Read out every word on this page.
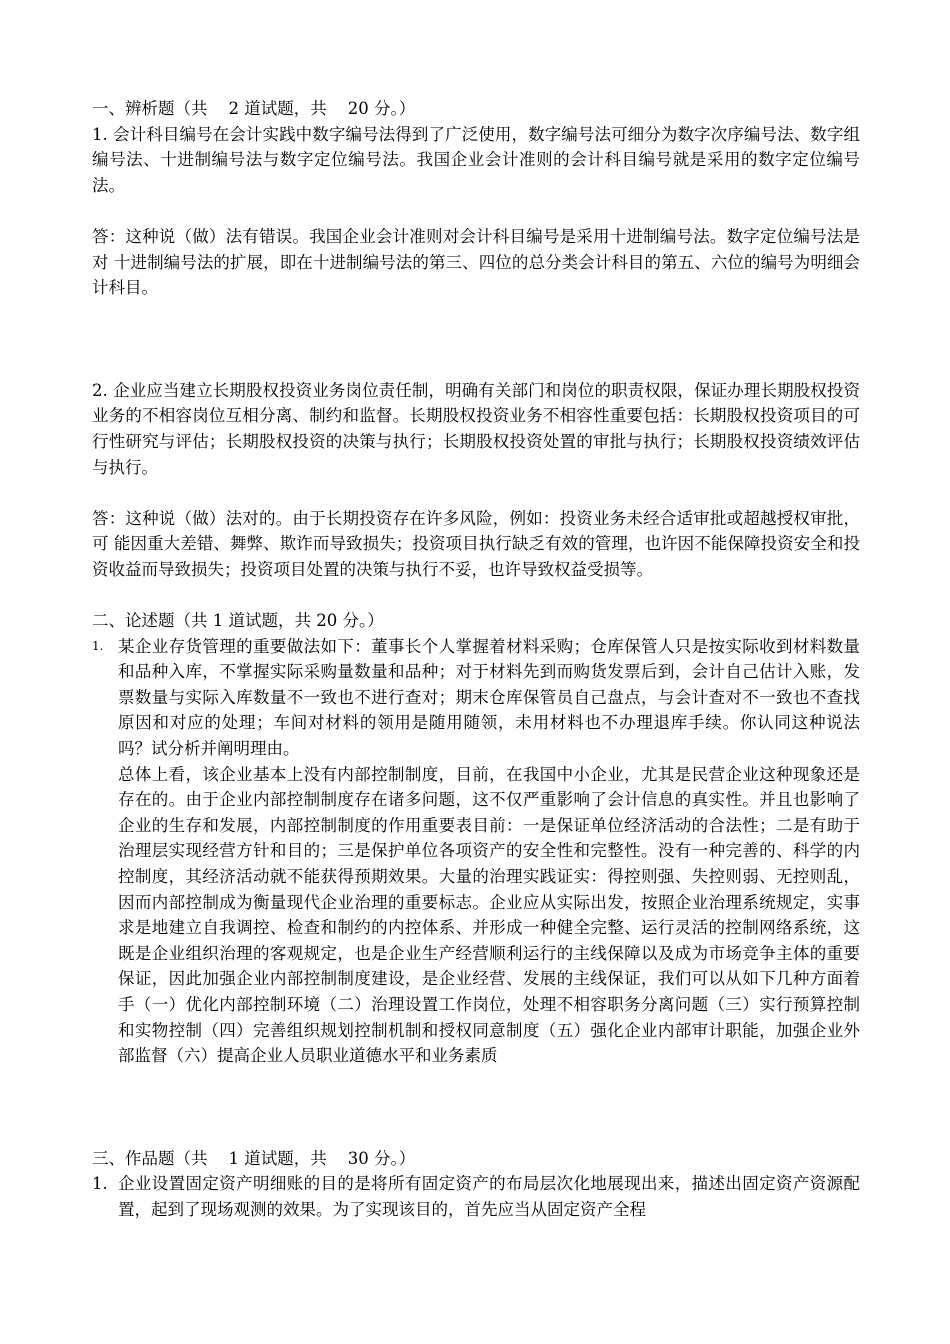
一、辨析题（共    2 道试题，共    20 分。）

1. 会计科目编号在会计实践中数字编号法得到了广泛使用，数字编号法可细分为数字次序编号法、数字组编号法、十进制编号法与数字定位编号法。我国企业会计准则的会计科目编号就是采用的数字定位编号法。

答：这种说（做）法有错误。我国企业会计准则对会计科目编号是采用十进制编号法。数字定位编号法是对 十进制编号法的扩展，即在十进制编号法的第三、四位的总分类会计科目的第五、六位的编号为明细会 计科目。

2. 企业应当建立长期股权投资业务岗位责任制，明确有关部门和岗位的职责权限，保证办理长期股权投资业务的不相容岗位互相分离、制约和监督。长期股权投资业务不相容性重要包括：长期股权投资项目的可行性研究与评估；长期股权投资的决策与执行；长期股权投资处置的审批与执行；长期股权投资绩效评估与执行。

答：这种说（做）法对的。由于长期投资存在许多风险，例如：投资业务未经合适审批或超越授权审批，可 能因重大差错、舞弊、欺诈而导致损失；投资项目执行缺乏有效的管理，也许因不能保障投资安全和投 资收益而导致损失；投资项目处置的决策与执行不妥，也许导致权益受损等。

二、论述题（共 1 道试题，共 20 分。）

1. 某企业存货管理的重要做法如下：董事长个人掌握着材料采购；仓库保管人只是按实际收到材料数量和品种入库，不掌握实际采购量数量和品种；对于材料先到而购货发票后到，会计自己估计入账，发票数量与实际入库数量不一致也不进行查对；期末仓库保管员自己盘点，与会计查对不一致也不查找原因和对应的处理；车间对材料的领用是随用随领，未用材料也不办理退库手续。你认同这种说法吗？试分析并阐明理由。

总体上看，该企业基本上没有内部控制制度，目前，在我国中小企业，尤其是民营企业这种现象还是存在的。由于企业内部控制制度存在诸多问题，这不仅严重影响了会计信息的真实性。并且也影响了企业的生存和发展，内部控制制度的作用重要表目前：一是保证单位经济活动的合法性；二是有助于治理层实现经营方针和目的；三是保护单位各项资产的安全性和完整性。没有一种完善的、科学的内控制度，其经济活动就不能获得预期效果。大量的治理实践证实：得控则强、失控则弱、无控则乱，因而内部控制成为衡量现代企业治理的重要标志。企业应从实际出发，按照企业治理系统规定，实事求是地建立自我调控、检查和制约的内控体系、并形成一种健全完整、运行灵活的控制网络系统，这既是企业组织治理的客观规定，也是企业生产经营顺利运行的主线保障以及成为市场竞争主体的重要保证，因此加强企业内部控制制度建设，是企业经营、发展的主线保证，我们可以从如下几种方面着手（一）优化内部控制环境（二）治理设置工作岗位，处理不相容职务分离问题（三）实行预算控制和实物控制（四）完善组织规划控制机制和授权同意制度（五）强化企业内部审计职能，加强企业外部监督（六）提高企业人员职业道德水平和业务素质

三、作品题（共    1 道试题，共    30 分。）

1. 企业设置固定资产明细账的目的是将所有固定资产的布局层次化地展现出来，描述出固定资产资源配置，起到了现场观测的效果。为了实现该目的，首先应当从固定资产全程
